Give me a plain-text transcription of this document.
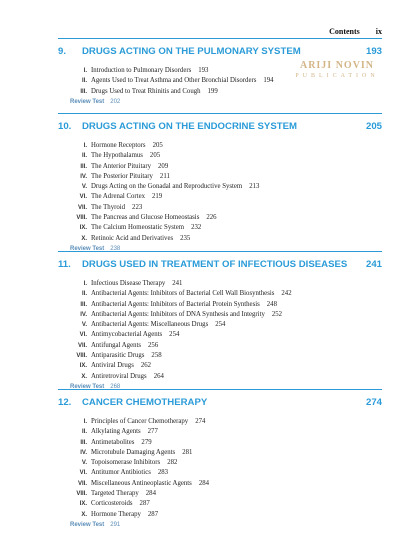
Contents ix
ARIJI NOVIN
PUBLICATION
9.	DRUGS ACTING ON THE PULMONARY SYSTEM	193
I. Introduction to Pulmonary Disorders 193
II. Agents Used to Treat Asthma and Other Bronchial Disorders 194
III. Drugs Used to Treat Rhinitis and Cough 199
Review Test 202
10.	DRUGS ACTING ON THE ENDOCRINE SYSTEM	205
I. Hormone Receptors 205
II. The Hypothalamus 205
III. The Anterior Pituitary 209
IV. The Posterior Pituitary 211
V. Drugs Acting on the Gonadal and Reproductive System 213
VI. The Adrenal Cortex 219
VII. The Thyroid 223
VIII. The Pancreas and Glucose Homeostasis 226
IX. The Calcium Homeostatic System 232
X. Retinoic Acid and Derivatives 235
Review Test 238
11.	DRUGS USED IN TREATMENT OF INFECTIOUS DISEASES	241
I. Infectious Disease Therapy 241
II. Antibacterial Agents: Inhibitors of Bacterial Cell Wall Biosynthesis 242
III. Antibacterial Agents: Inhibitors of Bacterial Protein Synthesis 248
IV. Antibacterial Agents: Inhibitors of DNA Synthesis and Integrity 252
V. Antibacterial Agents: Miscellaneous Drugs 254
VI. Antimycobacterial Agents 254
VII. Antifungal Agents 256
VIII. Antiparasitic Drugs 258
IX. Antiviral Drugs 262
X. Antiretroviral Drugs 264
Review Test 268
12.	CANCER CHEMOTHERAPY	274
I. Principles of Cancer Chemotherapy 274
II. Alkylating Agents 277
III. Antimetabolites 279
IV. Microtubule Damaging Agents 281
V. Topoisomerase Inhibitors 282
VI. Antitumor Antibiotics 283
VII. Miscellaneous Antineoplastic Agents 284
VIII. Targeted Therapy 284
IX. Corticosteroids 287
X. Hormone Therapy 287
Review Test 291
